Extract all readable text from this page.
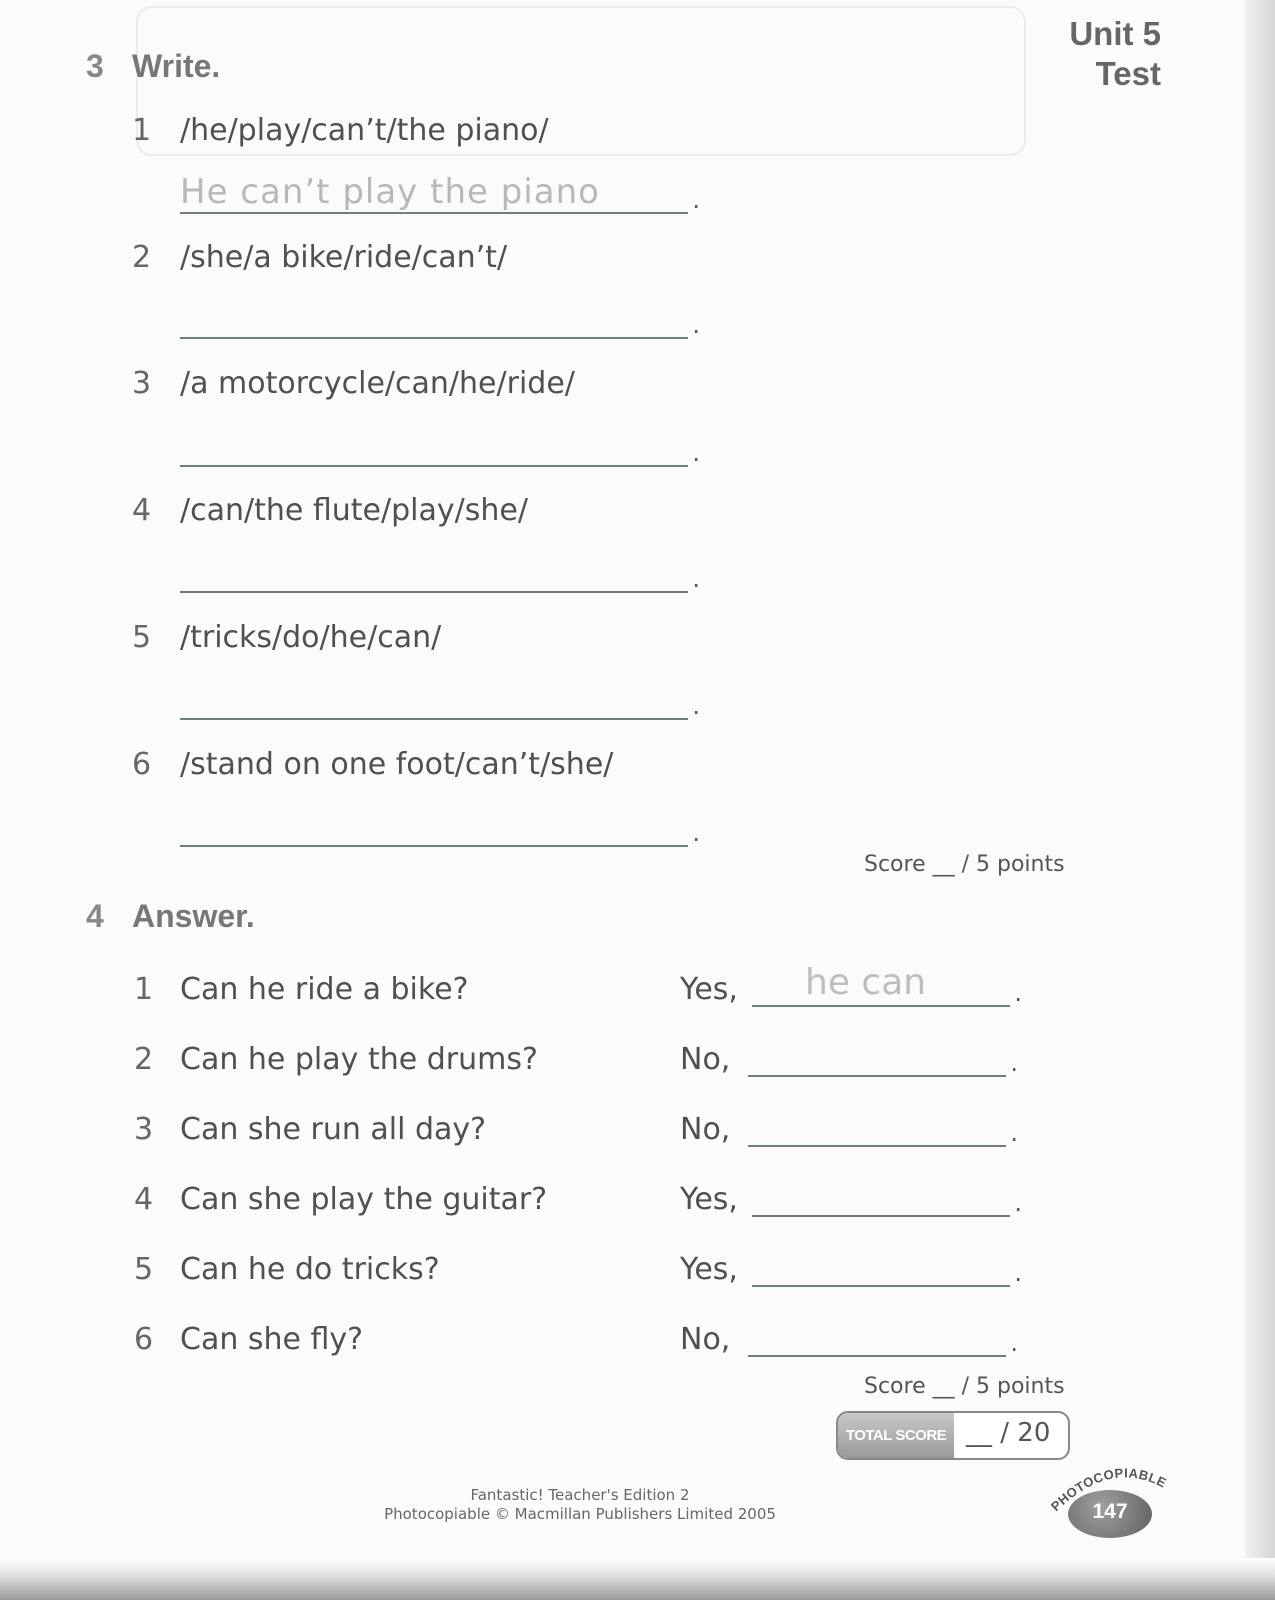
Unit 5
Test
3 Write.
1 /he/play/can’t/the piano/
He can’t play the piano
.
2 /she/a bike/ride/can’t/
.
3 /a motorcycle/can/he/ride/
.
4 /can/the flute/play/she/
.
5 /tricks/do/he/can/
.
6 /stand on one foot/can’t/she/
.
Score __ / 5 points
4 Answer.
1 Can he ride a bike?	Yes, he can
.
2 Can he play the drums?	No,
.
3 Can she run all day?	No,
.
4 Can she play the guitar?	Yes,
.
5 Can he do tricks?	Yes,
.
6 Can she fly?	No,
.
Score __ / 5 points
TOTAL SCORE __ / 20
Fantastic! Teacher's Edition 2
Photocopiable © Macmillan Publishers Limited 2005	PHOTOCOPIABLE
147
